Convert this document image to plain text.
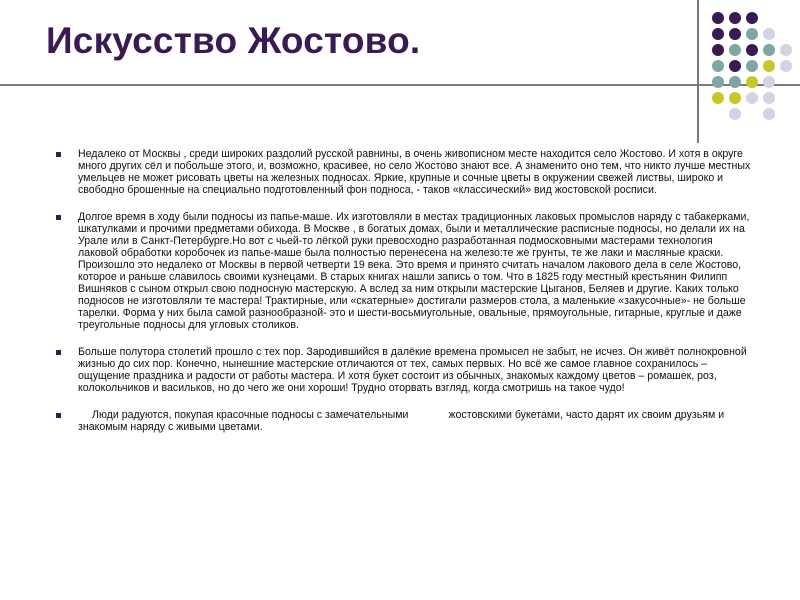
Искусство Жостово.

Недалеко от Москвы , среди широких раздолий русской равнины, в очень живописном месте находится село Жостово. И хотя в округе много других сёл и побольше этого, и, возможно, красивее, но село Жостово знают все. А знаменито оно тем, что никто лучше местных умельцев не может рисовать цветы на железных подносах. Яркие, крупные и сочные цветы в окружении свежей листвы, широко и свободно брошенные на специально подготовленный фон подноса, - таков «классический» вид жостовской росписи.

Долгое время в ходу были подносы из папье-маше. Их изготовляли в местах традиционных лаковых промыслов наряду с табакерками, шкатулками и прочими предметами обихода. В Москве , в богатых домах, были и металлические расписные подносы, но делали их на Урале или в Санкт-Петербурге.Но вот с чьей-то лёгкой руки превосходно разработанная подмосковными мастерами технология лаковой обработки коробочек из папье-маше была полностью перенесена на железо:те же грунты, те же лаки и масляные краски. Произошло это недалеко от Москвы в первой четверти 19 века. Это время и принято считать началом лакового дела в селе Жостово, которое и раньше славилось своими кузнецами. В старых книгах нашли запись о том. Что в 1825 году местный крестьянин Филипп Вишняков с сыном открыл свою подносную мастерскую. А вслед за ним открыли мастерские Цыганов, Беляев и другие. Каких только подносов не изготовляли те мастера! Трактирные, или «скатерные» достигали размеров стола, а маленькие «закусочные»- не больше тарелки. Форма у них была самой разнообразной- это и шести-восьмиугольные, овальные, прямоугольные, гитарные, круглые и даже треугольные подносы для угловых столиков.

Больше полутора столетий прошло с тех пор. Зародившийся в далёкие времена промысел не забыт, не исчез. Он живёт полнокровной жизнью до сих пор. Конечно, нынешние мастерские отличаются от тех, самых первых. Но всё же самое главное сохранилось – ощущение праздника и радости от работы мастера. И хотя букет состоит из обычных, знакомых каждому цветов – ромашек, роз, колокольчиков и васильков, но до чего же они хороши! Трудно оторвать взгляд, когда смотришь на такое чудо!

Люди радуются, покупая красочные подносы с замечательными	жостовскими букетами, часто дарят их своим друзьям и знакомым наряду с живыми цветами.
